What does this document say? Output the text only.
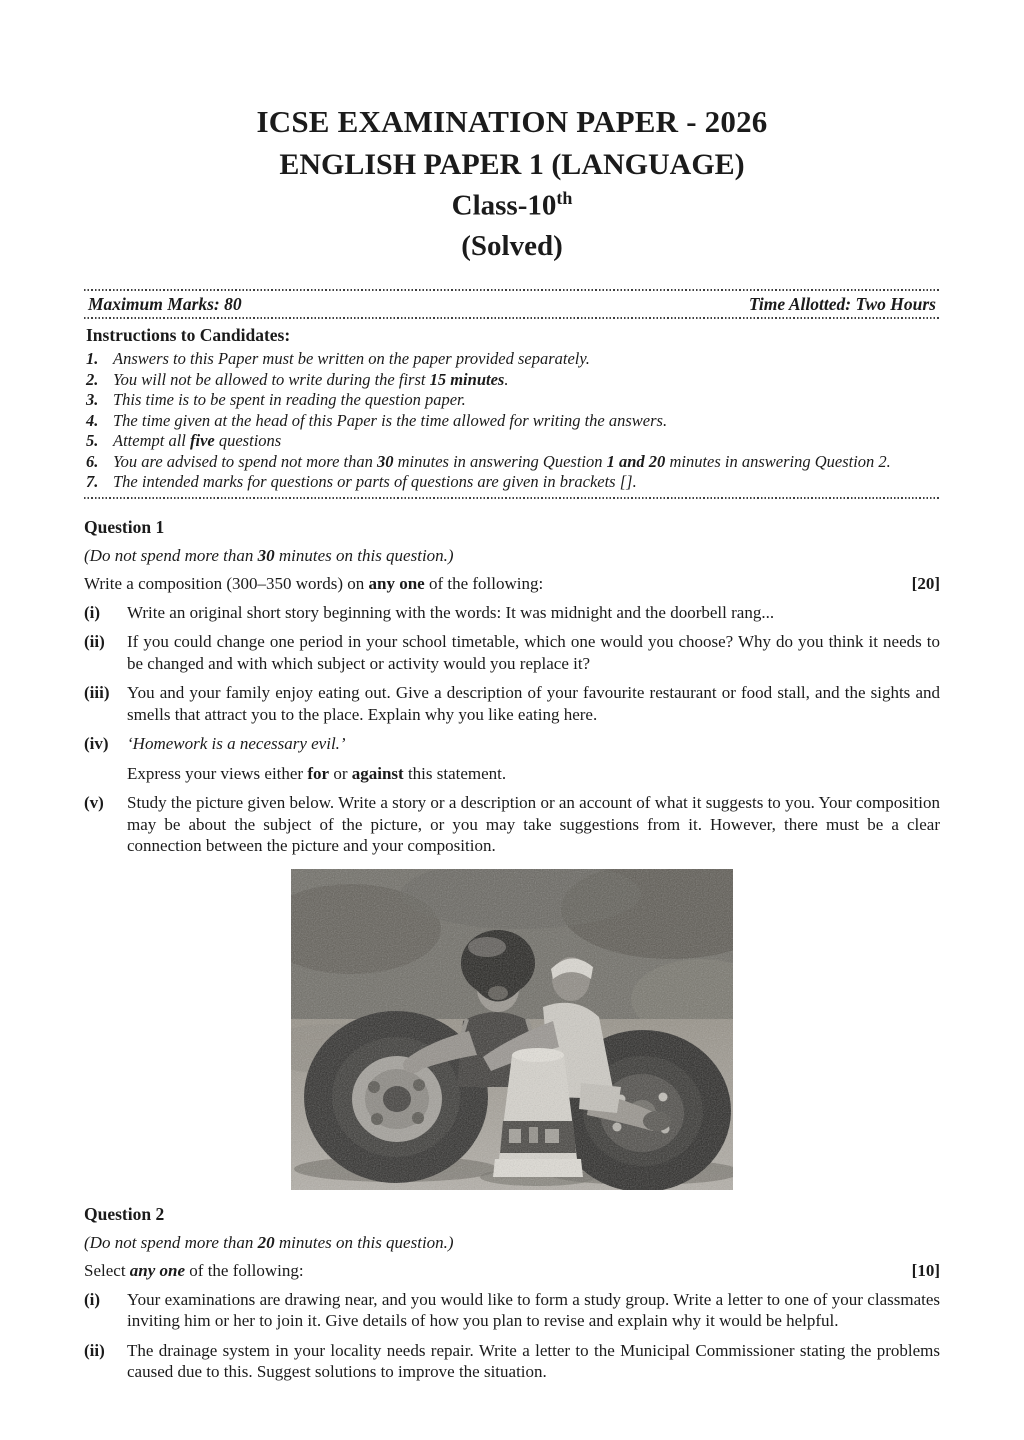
ICSE EXAMINATION PAPER - 2026
ENGLISH PAPER 1 (LANGUAGE)
Class-10th
(Solved)
Maximum Marks: 80	Time Allotted: Two Hours
Instructions to Candidates:
1. Answers to this Paper must be written on the paper provided separately.
2. You will not be allowed to write during the first 15 minutes.
3. This time is to be spent in reading the question paper.
4. The time given at the head of this Paper is the time allowed for writing the answers.
5. Attempt all five questions
6. You are advised to spend not more than 30 minutes in answering Question 1 and 20 minutes in answering Question 2.
7. The intended marks for questions or parts of questions are given in brackets [].
Question 1
(Do not spend more than 30 minutes on this question.)
Write a composition (300–350 words) on any one of the following:	[20]
(i)	Write an original short story beginning with the words: It was midnight and the doorbell rang...
(ii)	If you could change one period in your school timetable, which one would you choose? Why do you think it needs to be changed and with which subject or activity would you replace it?
(iii)	You and your family enjoy eating out. Give a description of your favourite restaurant or food stall, and the sights and smells that attract you to the place. Explain why you like eating here.
(iv)	‘Homework is a necessary evil.’
Express your views either for or against this statement.
(v)	Study the picture given below. Write a story or a description or an account of what it suggests to you. Your composition may be about the subject of the picture, or you may take suggestions from it. However, there must be a clear connection between the picture and your composition.
Question 2
(Do not spend more than 20 minutes on this question.)
Select any one of the following:	[10]
(i)	Your examinations are drawing near, and you would like to form a study group. Write a letter to one of your classmates inviting him or her to join it. Give details of how you plan to revise and explain why it would be helpful.
(ii)	The drainage system in your locality needs repair. Write a letter to the Municipal Commissioner stating the problems caused due to this. Suggest solutions to improve the situation.
